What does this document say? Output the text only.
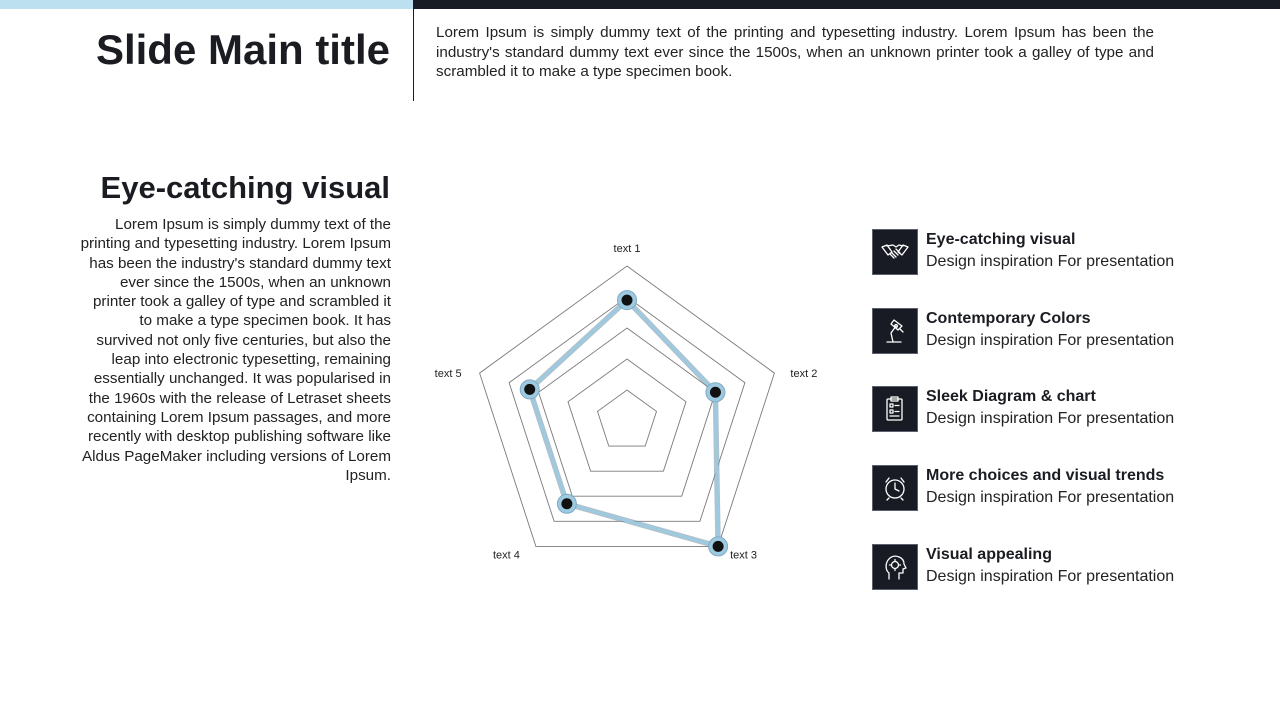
Slide Main title	Lorem Ipsum is simply dummy text of the printing and typesetting industry. Lorem Ipsum has been the industry's standard dummy text ever since the 1500s, when an unknown printer took a galley of type and scrambled it to make a type specimen book.

Eye-catching visual

Lorem Ipsum is simply dummy text of the printing and typesetting industry. Lorem Ipsum has been the industry's standard dummy text ever since the 1500s, when an unknown printer took a galley of type and scrambled it to make a type specimen book. It has survived not only five centuries, but also the leap into electronic typesetting, remaining essentially unchanged. It was popularised in the 1960s with the release of Letraset sheets containing Lorem Ipsum passages, and more recently with desktop publishing software like Aldus PageMaker including versions of Lorem Ipsum.

text 1
text 2
text 3
text 4
text 5
Eye-catching visual
Design inspiration For presentation
Contemporary Colors
Design inspiration For presentation
Sleek Diagram & chart
Design inspiration For presentation
More choices and visual trends
Design inspiration For presentation
Visual appealing
Design inspiration For presentation
